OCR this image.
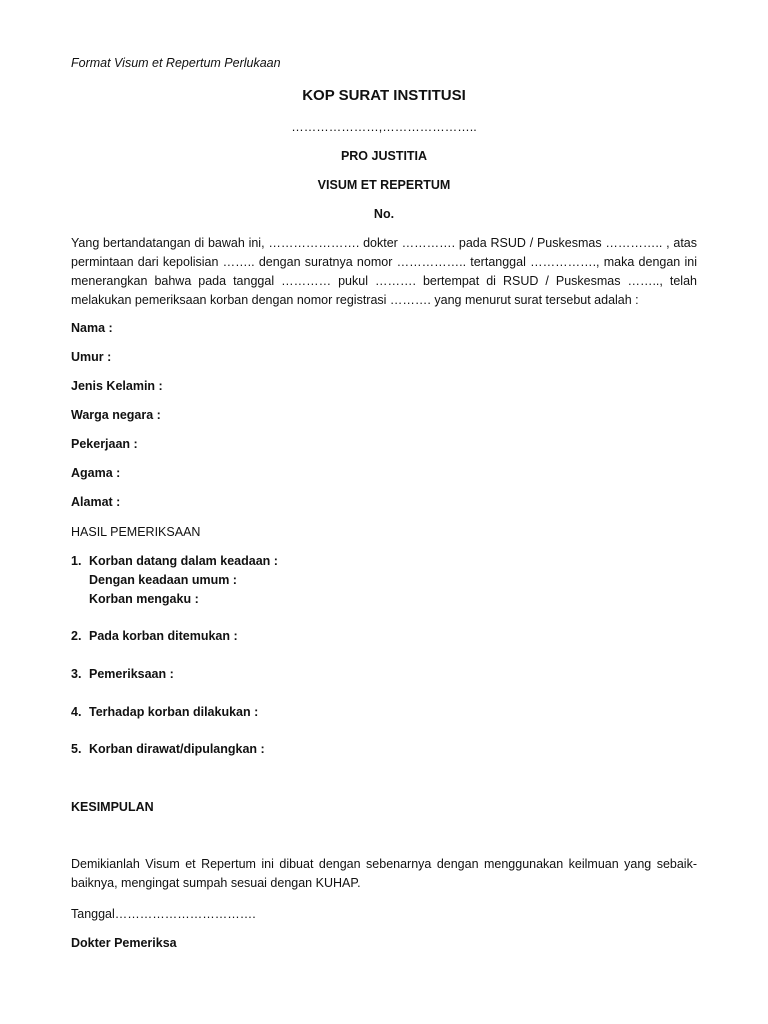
Format Visum et Repertum Perlukaan
KOP SURAT INSTITUSI
…………………,…………………..
PRO JUSTITIA
VISUM ET REPERTUM
No.
Yang bertandatangan di bawah ini, …………………. dokter …………. pada RSUD / Puskesmas ………….. , atas permintaan dari kepolisian …….. dengan suratnya nomor …………….. tertanggal ……………., maka dengan ini menerangkan bahwa pada tanggal ………… pukul ………. bertempat di RSUD / Puskesmas …….., telah melakukan pemeriksaan korban dengan nomor registrasi ………. yang menurut surat tersebut adalah :
Nama :
Umur :
Jenis Kelamin :
Warga negara :
Pekerjaan :
Agama :
Alamat :
HASIL PEMERIKSAAN
1. Korban datang dalam keadaan :
Dengan keadaan umum :
Korban mengaku :
2. Pada korban ditemukan :
3. Pemeriksaan :
4. Terhadap korban dilakukan :
5. Korban dirawat/dipulangkan :
KESIMPULAN
Demikianlah Visum et Repertum ini dibuat dengan sebenarnya dengan menggunakan keilmuan yang sebaik-baiknya, mengingat sumpah sesuai dengan KUHAP.
Tanggal…………………………….
Dokter Pemeriksa
